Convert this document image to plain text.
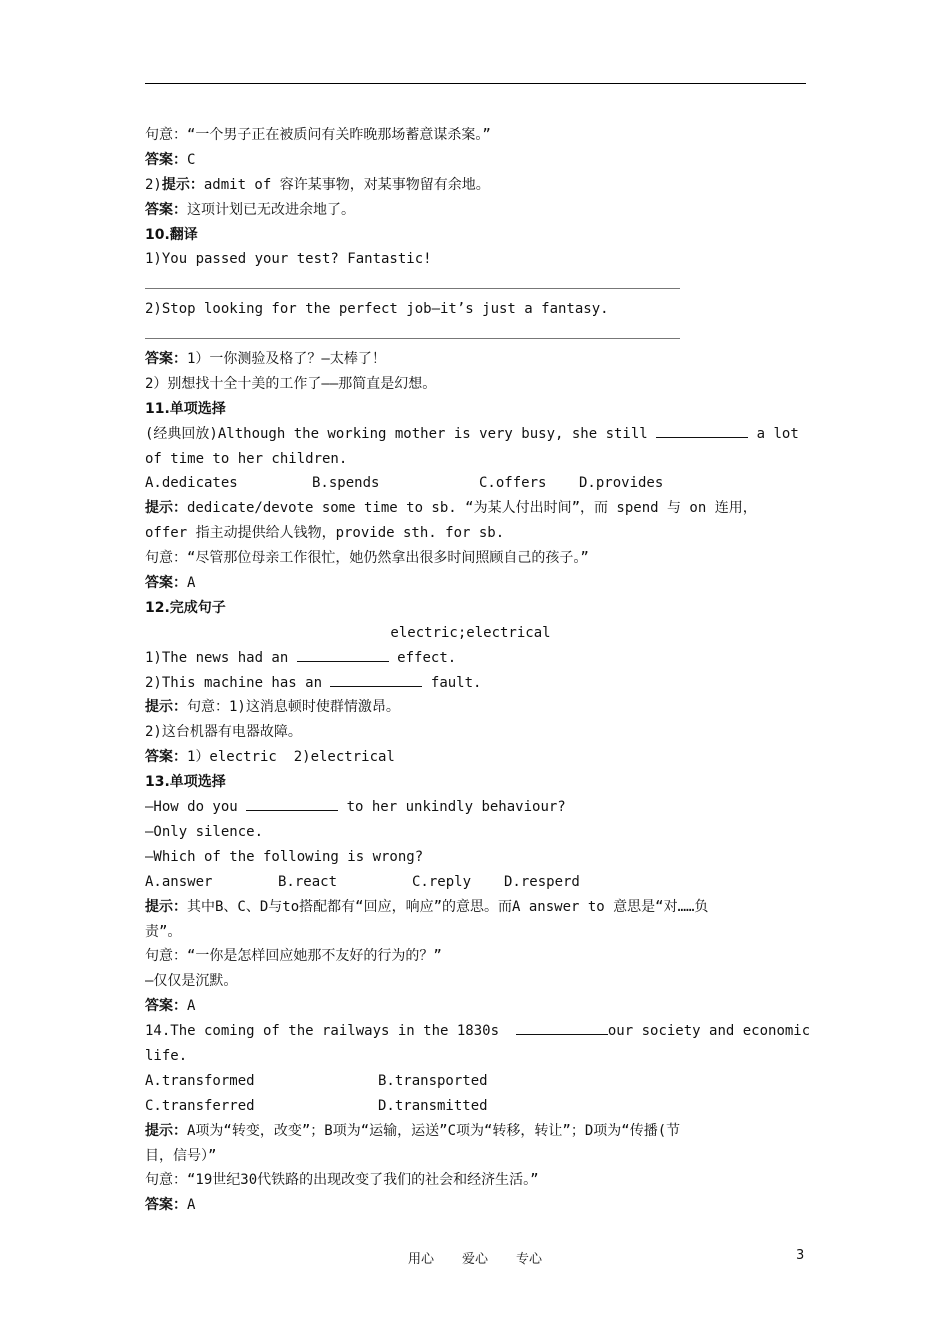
句意：“一个男子正在被质问有关昨晚那场蓄意谋杀案。”
答案：C
2)提示：admit of 容许某事物，对某事物留有余地。
答案：这项计划已无改进余地了。
10.翻译
1)You passed your test? Fantastic!
2)Stop looking for the perfect job—it’s just a fantasy.
答案：1）一你测验及格了？—太棒了！
2）别想找十全十美的工作了——那简直是幻想。
11.单项选择
(经典回放)Although the working mother is very busy, she still	a lot
of time to her children.
A.dedicates	B.spends	C.offers	D.provides
提示：dedicate/devote some time to sb. “为某人付出时间”，而 spend 与 on 连用，
offer 指主动提供给人钱物，provide sth. for sb.
句意：“尽管那位母亲工作很忙，她仍然拿出很多时间照顾自己的孩子。”
答案：A
12.完成句子
electric;electrical
1)The news had an	effect.
2)This machine has an	fault.
提示：句意：1)这消息顿时使群情激昂。
2)这台机器有电器故障。
答案：1）electric  2)electrical
13.单项选择
—How do you	to her unkindly behaviour?
—Only silence.
—Which of the following is wrong?
A.answer	B.react	C.reply	D.resperd
提示：其中B、C、D与to搭配都有“回应，响应”的意思。而A answer to 意思是“对……负
责”。
句意：“一你是怎样回应她那不友好的行为的？”
—仅仅是沉默。
答案：A
14.The coming of the railways in the 1830s	our society and economic
life.
A.transformed	B.transported
C.transferred	D.transmitted
提示：A项为“转变，改变”；B项为“运输，运送”C项为“转移，转让”；D项为“传播(节
目，信号）”
句意：“19世纪30代铁路的出现改变了我们的社会和经济生活。”
答案：A
用心 爱心 专心	3
